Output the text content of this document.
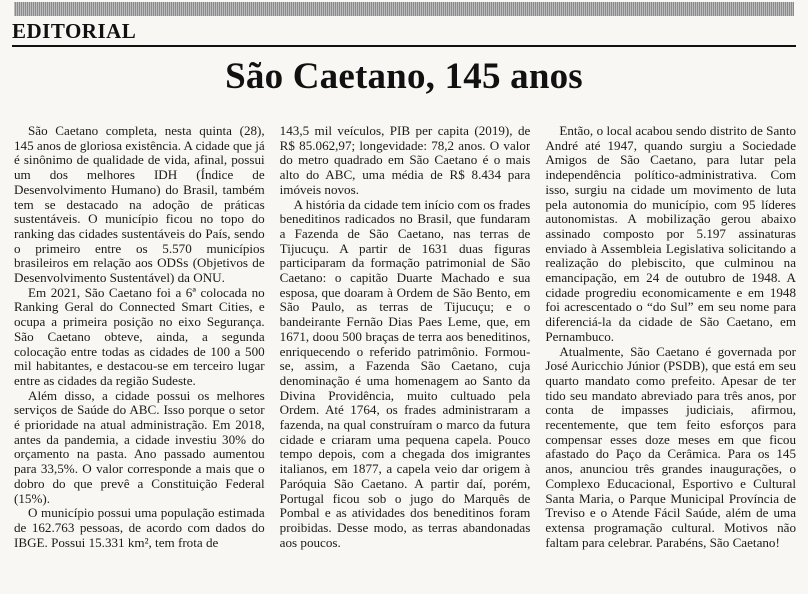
EDITORIAL
São Caetano, 145 anos

São Caetano completa, nesta quinta (28), 145 anos de gloriosa existência. A cidade que já é sinônimo de qualidade de vida, afinal, possui um dos melhores IDH (Índice de Desenvolvimento Humano) do Brasil, também tem se destacado na adoção de práticas sustentáveis. O município ficou no topo do ranking das cidades sustentáveis do País, sendo o primeiro entre os 5.570 municípios brasileiros em relação aos ODSs (Objetivos de Desenvolvimento Sustentável) da ONU.

Em 2021, São Caetano foi a 6ª colocada no Ranking Geral do Connected Smart Cities, e ocupa a primeira posição no eixo Segurança. São Caetano obteve, ainda, a segunda colocação entre todas as cidades de 100 a 500 mil habitantes, e destacou-se em terceiro lugar entre as cidades da região Sudeste.

Além disso, a cidade possui os melhores serviços de Saúde do ABC. Isso porque o setor é prioridade na atual administração. Em 2018, antes da pandemia, a cidade investiu 30% do orçamento na pasta. Ano passado aumentou para 33,5%. O valor corresponde a mais que o dobro do que prevê a Constituição Federal (15%).

O município possui uma população estimada de 162.763 pessoas, de acordo com dados do IBGE. Possui 15.331 km², tem frota de

143,5 mil veículos, PIB per capita (2019), de R$ 85.062,97; longevidade: 78,2 anos. O valor do metro quadrado em São Caetano é o mais alto do ABC, uma média de R$ 8.434 para imóveis novos.

A história da cidade tem início com os frades beneditinos radicados no Brasil, que fundaram a Fazenda de São Caetano, nas terras de Tijucuçu. A partir de 1631 duas figuras participaram da formação patrimonial de São Caetano: o capitão Duarte Machado e sua esposa, que doaram à Ordem de São Bento, em São Paulo, as terras de Tijucuçu; e o bandeirante Fernão Dias Paes Leme, que, em 1671, doou 500 braças de terra aos beneditinos, enriquecendo o referido patrimônio. Formou-se, assim, a Fazenda São Caetano, cuja denominação é uma homenagem ao Santo da Divina Providência, muito cultuado pela Ordem. Até 1764, os frades administraram a fazenda, na qual construíram o marco da futura cidade e criaram uma pequena capela. Pouco tempo depois, com a chegada dos imigrantes italianos, em 1877, a capela veio dar origem à Paróquia São Caetano. A partir daí, porém, Portugal ficou sob o jugo do Marquês de Pombal e as atividades dos beneditinos foram proibidas. Desse modo, as terras abandonadas aos poucos.

Então, o local acabou sendo distrito de Santo André até 1947, quando surgiu a Sociedade Amigos de São Caetano, para lutar pela independência político-administrativa. Com isso, surgiu na cidade um movimento de luta pela autonomia do município, com 95 líderes autonomistas. A mobilização gerou abaixo assinado composto por 5.197 assinaturas enviado à Assembleia Legislativa solicitando a realização do plebiscito, que culminou na emancipação, em 24 de outubro de 1948. A cidade progrediu economicamente e em 1948 foi acrescentado o “do Sul” em seu nome para diferenciá-la da cidade de São Caetano, em Pernambuco.

Atualmente, São Caetano é governada por José Auricchio Júnior (PSDB), que está em seu quarto mandato como prefeito. Apesar de ter tido seu mandato abreviado para três anos, por conta de impasses judiciais, afirmou, recentemente, que tem feito esforços para compensar esses doze meses em que ficou afastado do Paço da Cerâmica. Para os 145 anos, anunciou três grandes inaugurações, o Complexo Educacional, Esportivo e Cultural Santa Maria, o Parque Municipal Província de Treviso e o Atende Fácil Saúde, além de uma extensa programação cultural. Motivos não faltam para celebrar. Parabéns, São Caetano!
